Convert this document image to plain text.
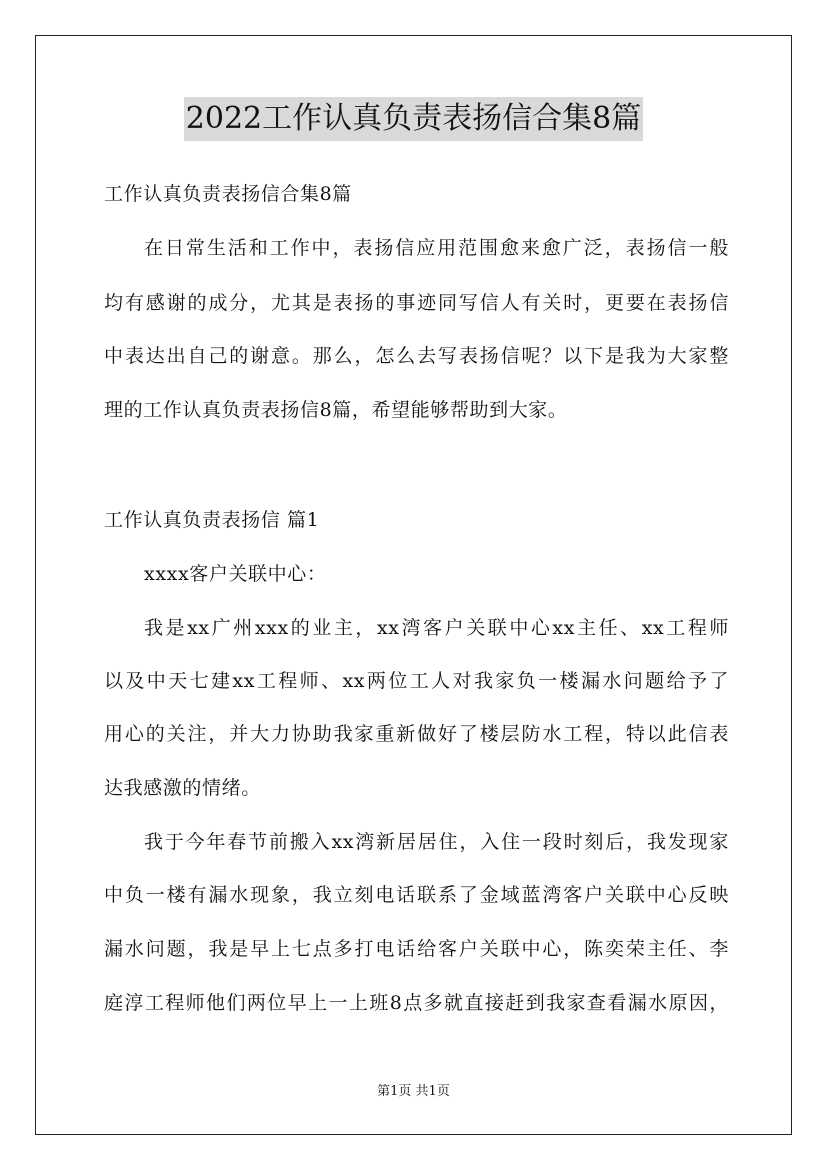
2022工作认真负责表扬信合集8篇
工作认真负责表扬信合集8篇
在日常生活和工作中，表扬信应用范围愈来愈广泛，表扬信一般
均有感谢的成分，尤其是表扬的事迹同写信人有关时，更要在表扬信
中表达出自己的谢意。那么，怎么去写表扬信呢？以下是我为大家整
理的工作认真负责表扬信8篇，希望能够帮助到大家。
工作认真负责表扬信 篇1
xxxx客户关联中心：
我是xx广州xxx的业主，xx湾客户关联中心xx主任、xx工程师
以及中天七建xx工程师、xx两位工人对我家负一楼漏水问题给予了
用心的关注，并大力协助我家重新做好了楼层防水工程，特以此信表
达我感激的情绪。
我于今年春节前搬入xx湾新居居住，入住一段时刻后，我发现家
中负一楼有漏水现象，我立刻电话联系了金域蓝湾客户关联中心反映
漏水问题，我是早上七点多打电话给客户关联中心，陈奕荣主任、李
庭淳工程师他们两位早上一上班8点多就直接赶到我家查看漏水原因，
第1页 共1页
